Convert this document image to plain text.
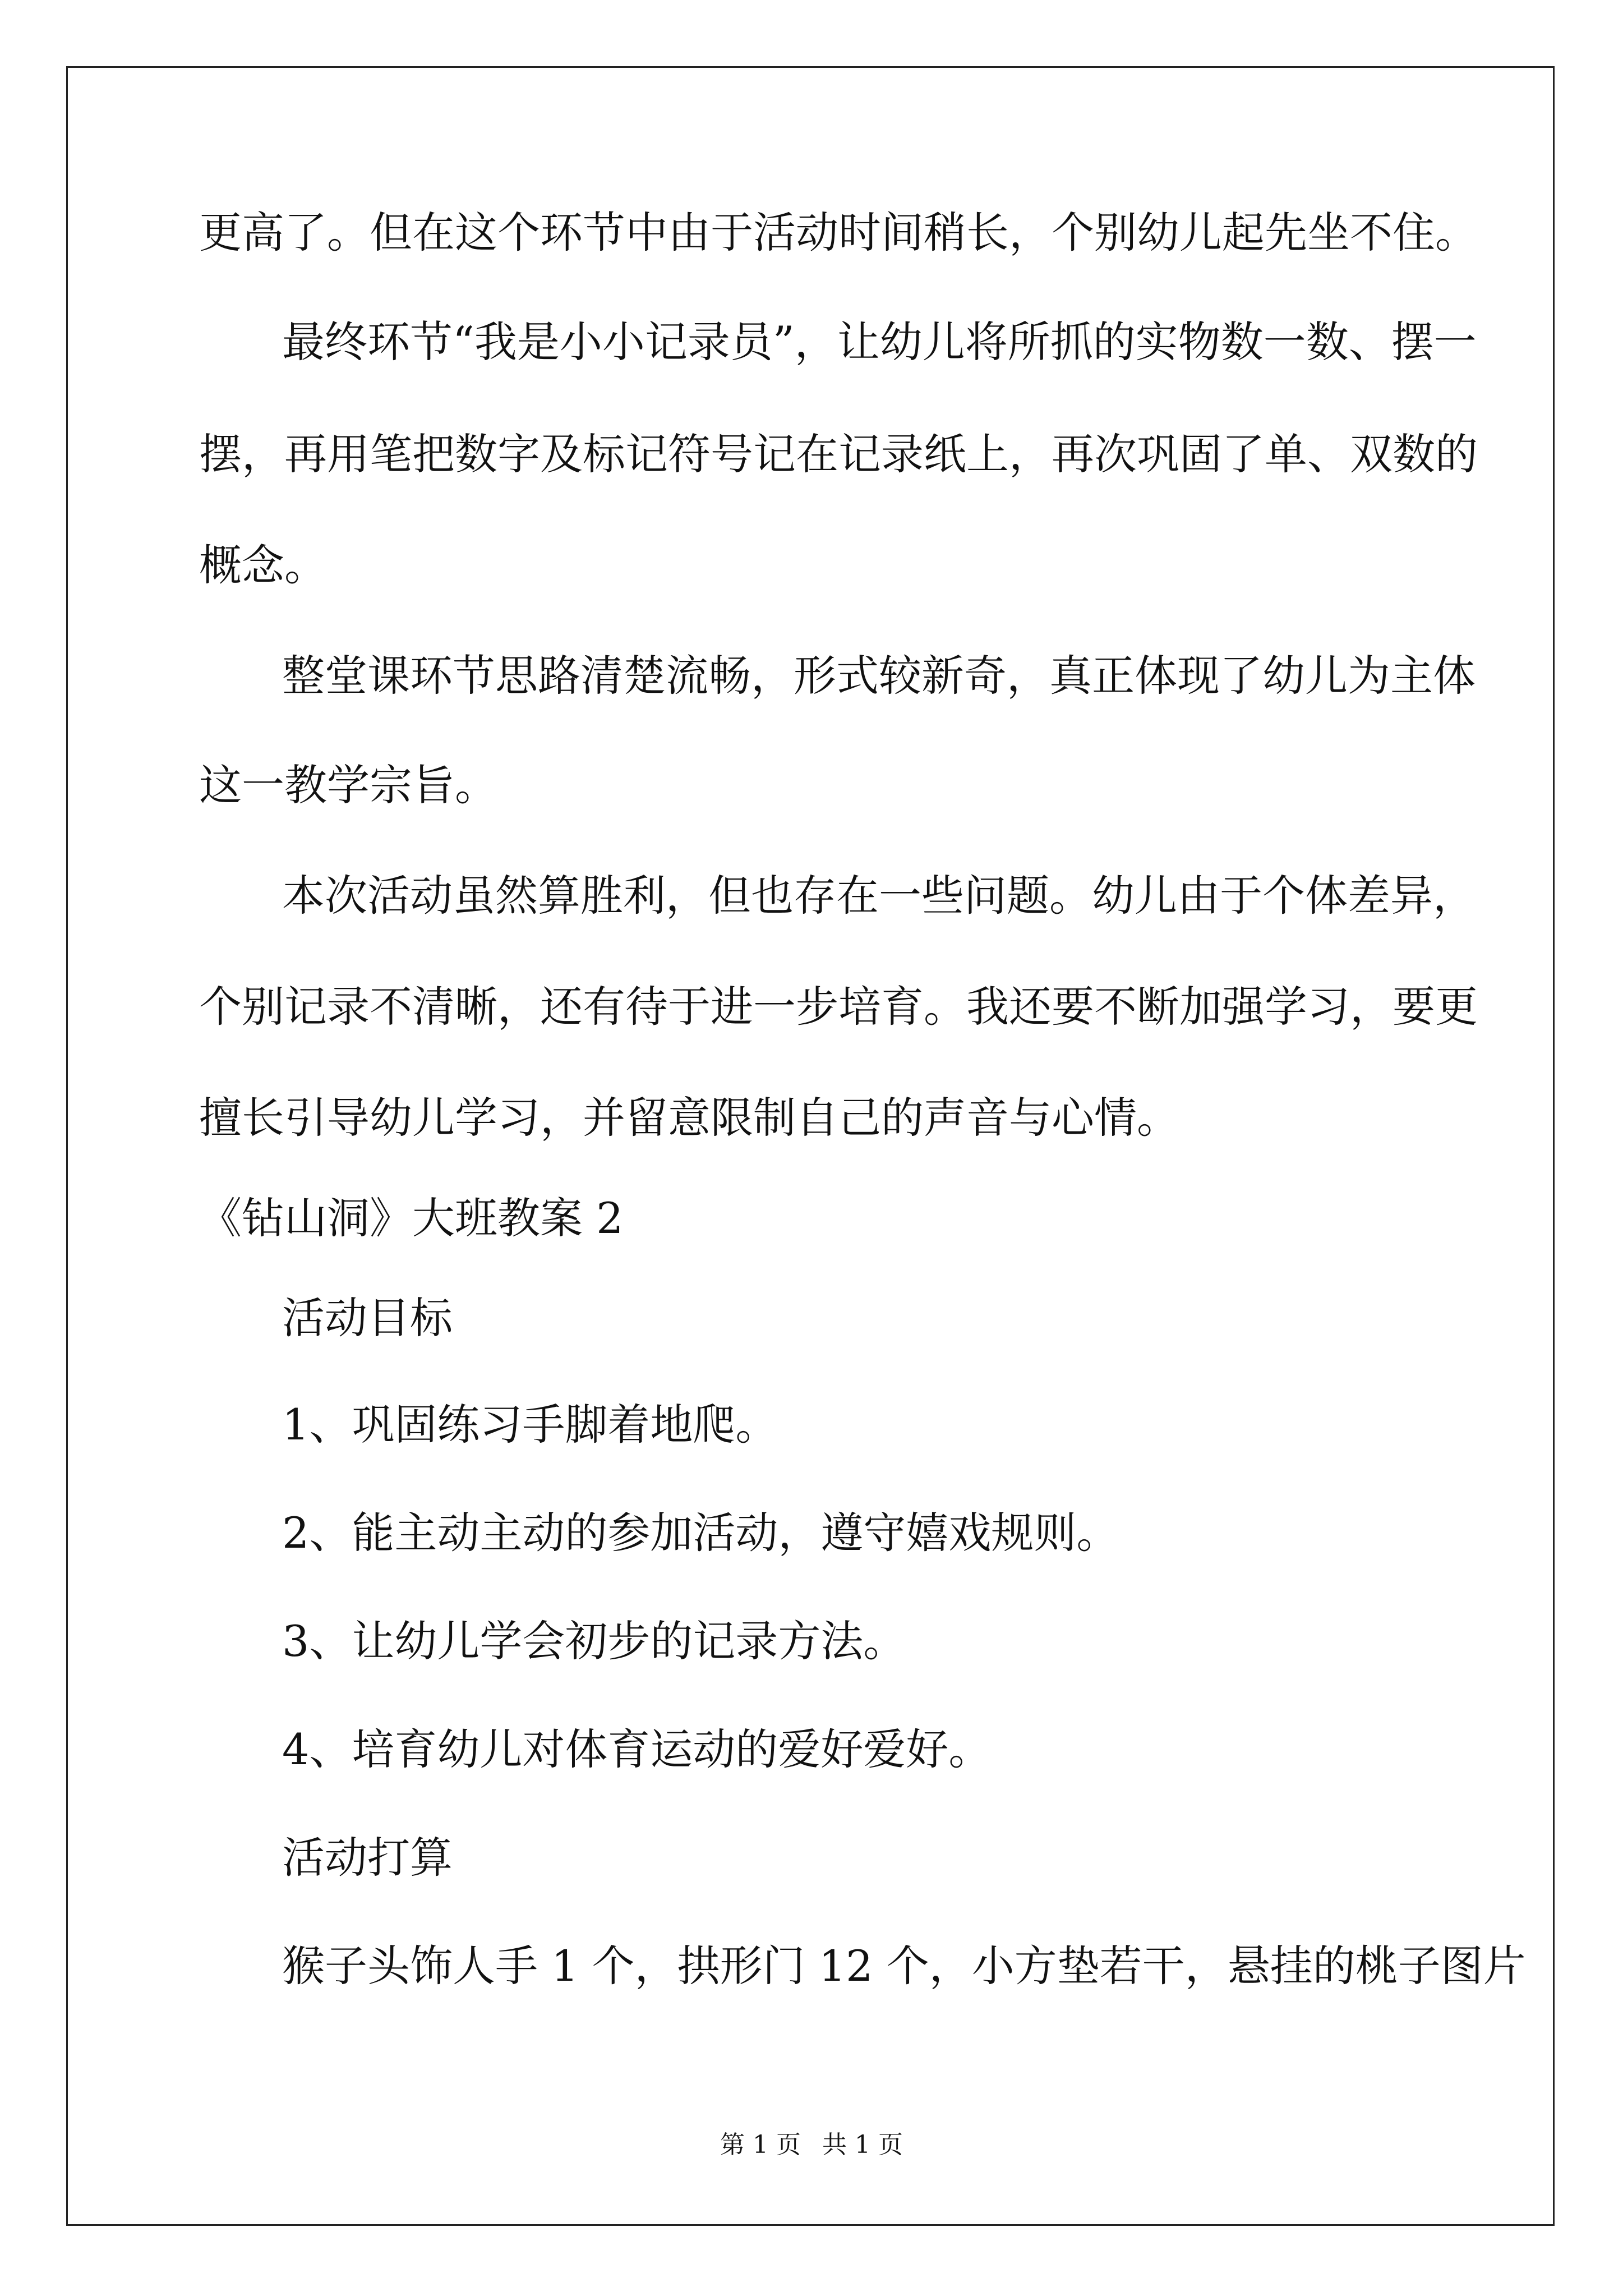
更高了。但在这个环节中由于活动时间稍长，个别幼儿起先坐不住。
最终环节“我是小小记录员”，让幼儿将所抓的实物数一数、摆一
摆，再用笔把数字及标记符号记在记录纸上，再次巩固了单、双数的
概念。
整堂课环节思路清楚流畅，形式较新奇，真正体现了幼儿为主体
这一教学宗旨。
本次活动虽然算胜利，但也存在一些问题。幼儿由于个体差异，
个别记录不清晰，还有待于进一步培育。我还要不断加强学习，要更
擅长引导幼儿学习，并留意限制自己的声音与心情。
《钻山洞》大班教案 2
活动目标
1、巩固练习手脚着地爬。
2、能主动主动的参加活动，遵守嬉戏规则。
3、让幼儿学会初步的记录方法。
4、培育幼儿对体育运动的爱好爱好。
活动打算
猴子头饰人手 1 个，拱形门 12 个，小方垫若干，悬挂的桃子图片
第 1 页 共 1 页
